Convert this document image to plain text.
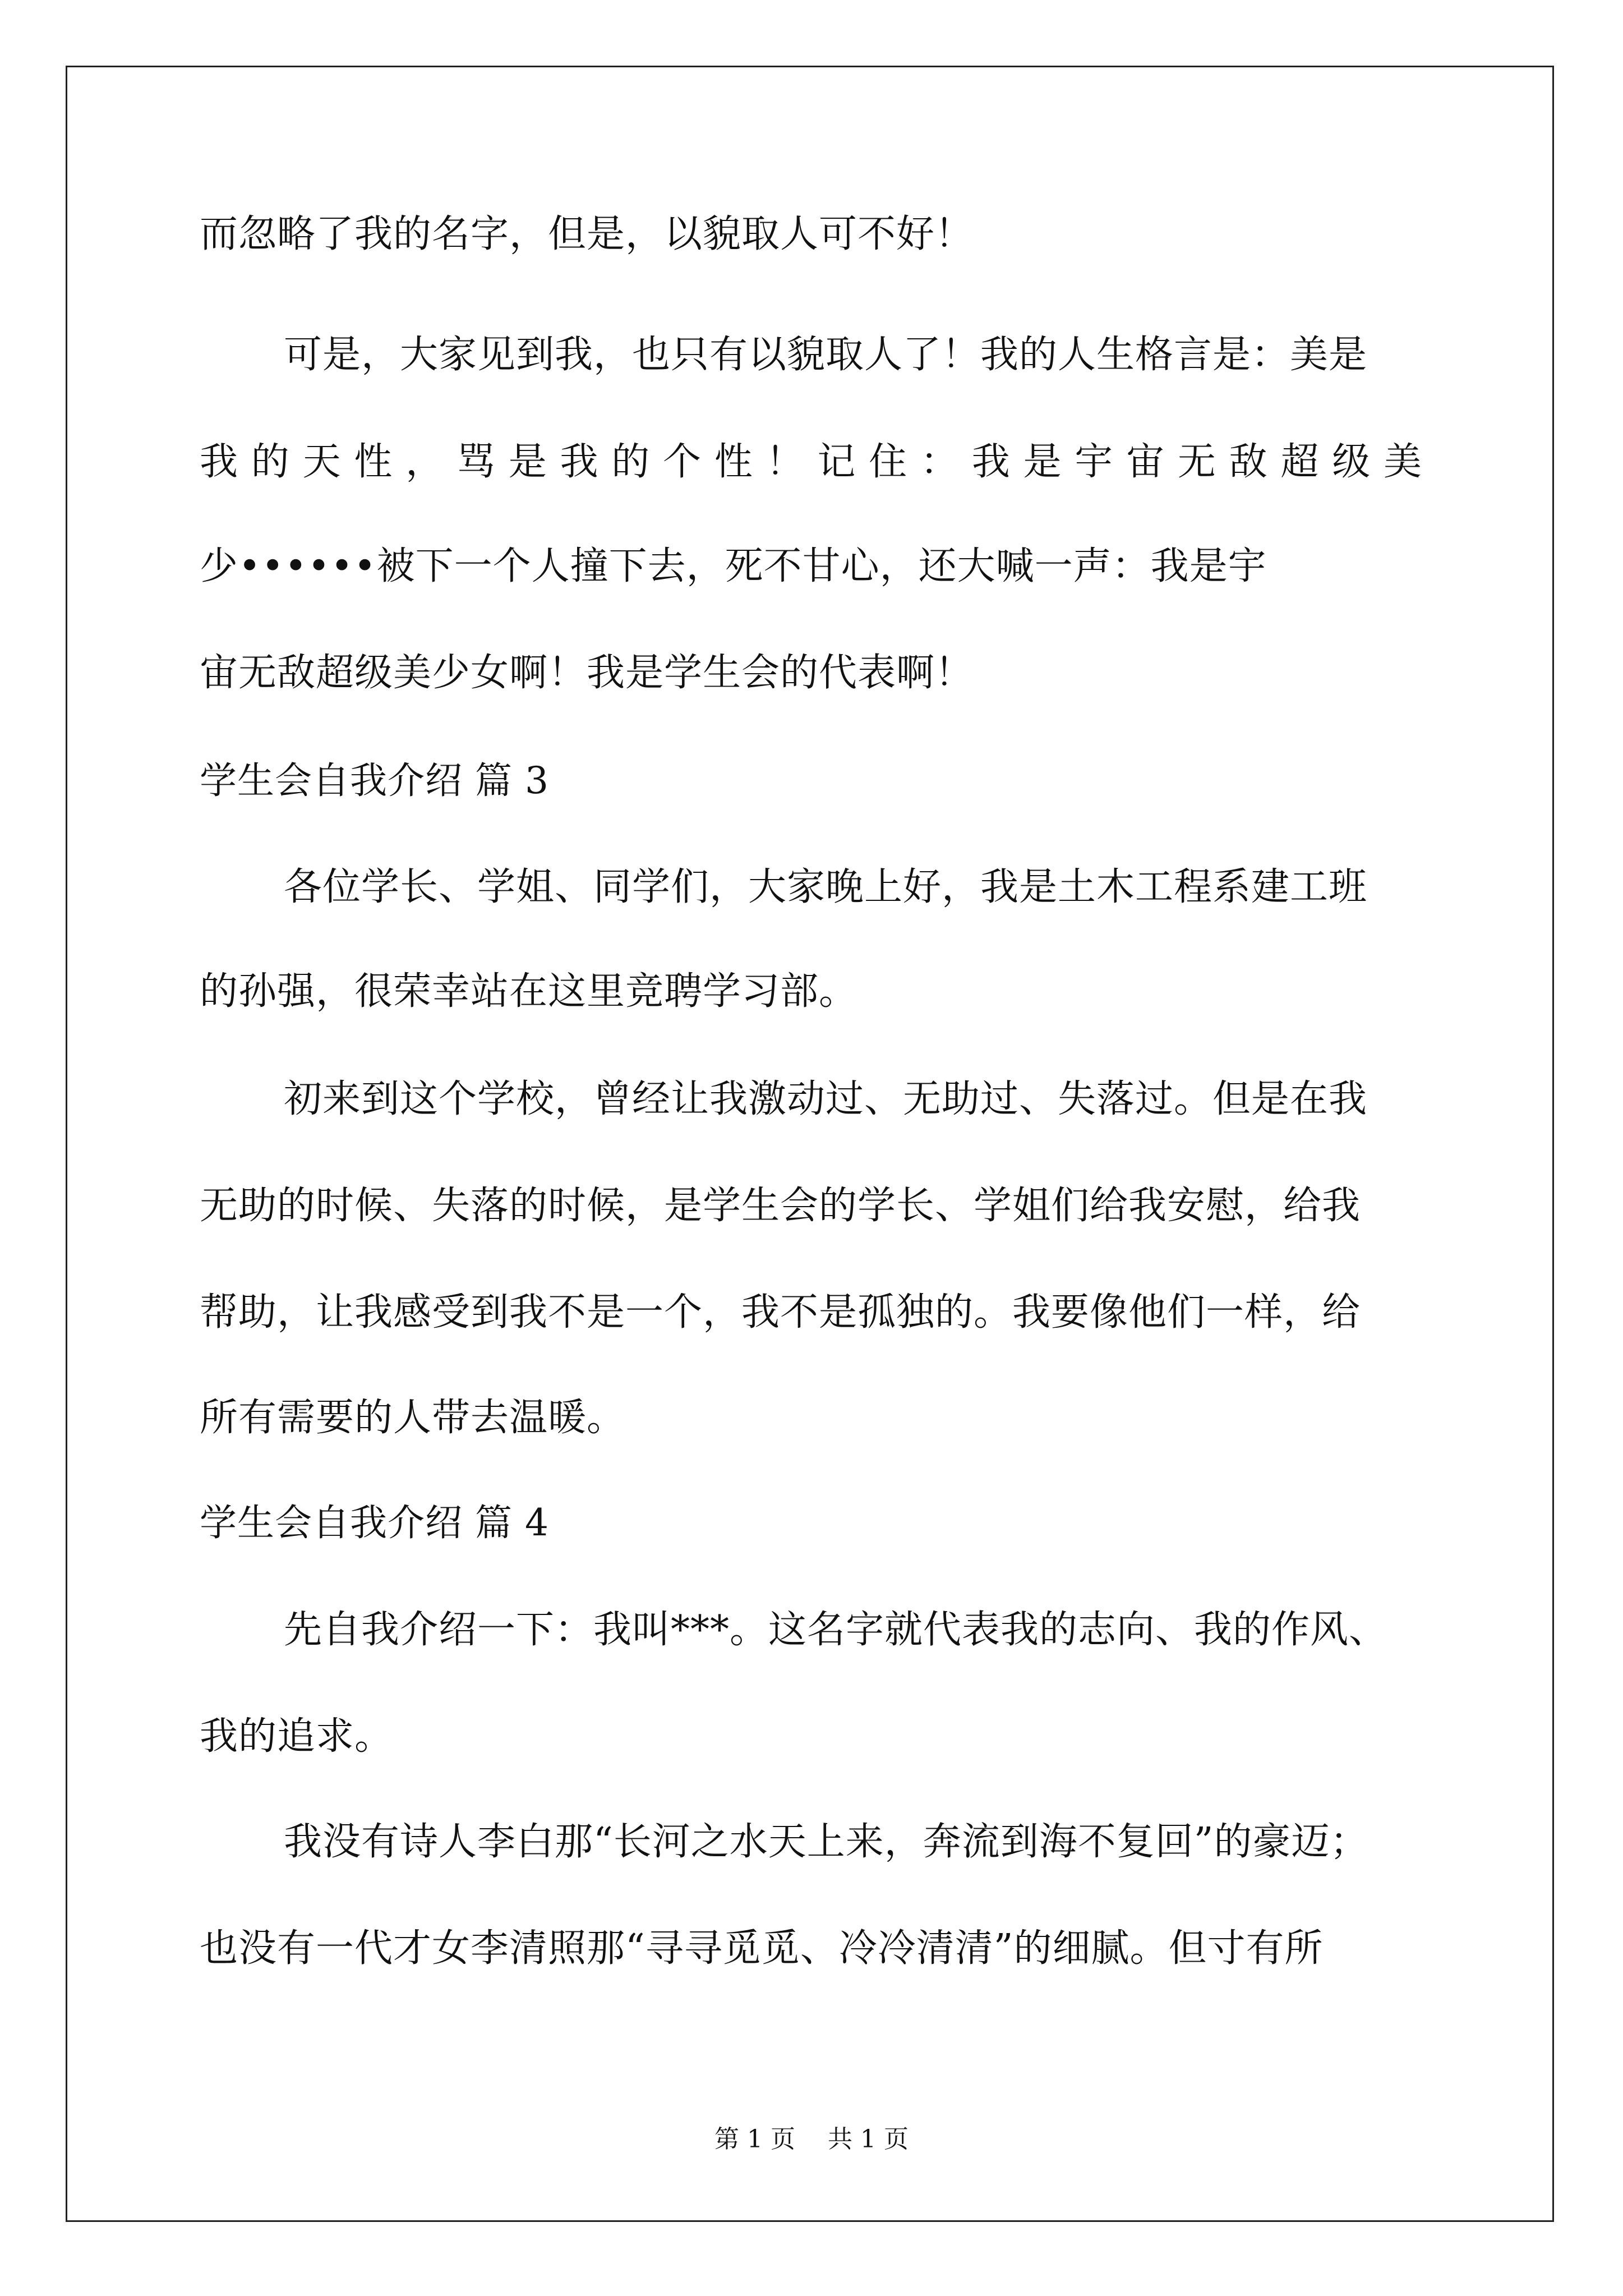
而忽略了我的名字，但是，以貌取人可不好！
可是，大家见到我，也只有以貌取人了！我的人生格言是：美是
我的天性，骂是我的个性！记住：我是宇宙无敌超级美
少••••••被下一个人撞下去，死不甘心，还大喊一声：我是宇
宙无敌超级美少女啊！我是学生会的代表啊！
学生会自我介绍 篇 3
各位学长、学姐、同学们，大家晚上好，我是土木工程系建工班
的孙强，很荣幸站在这里竞聘学习部。
初来到这个学校，曾经让我激动过、无助过、失落过。但是在我
无助的时候、失落的时候，是学生会的学长、学姐们给我安慰，给我
帮助，让我感受到我不是一个，我不是孤独的。我要像他们一样，给
所有需要的人带去温暖。
学生会自我介绍 篇 4
先自我介绍一下：我叫***。这名字就代表我的志向、我的作风、
我的追求。
我没有诗人李白那“长河之水天上来，奔流到海不复回”的豪迈；
也没有一代才女李清照那“寻寻觅觅、冷冷清清”的细腻。但寸有所
第 1 页 共 1 页
